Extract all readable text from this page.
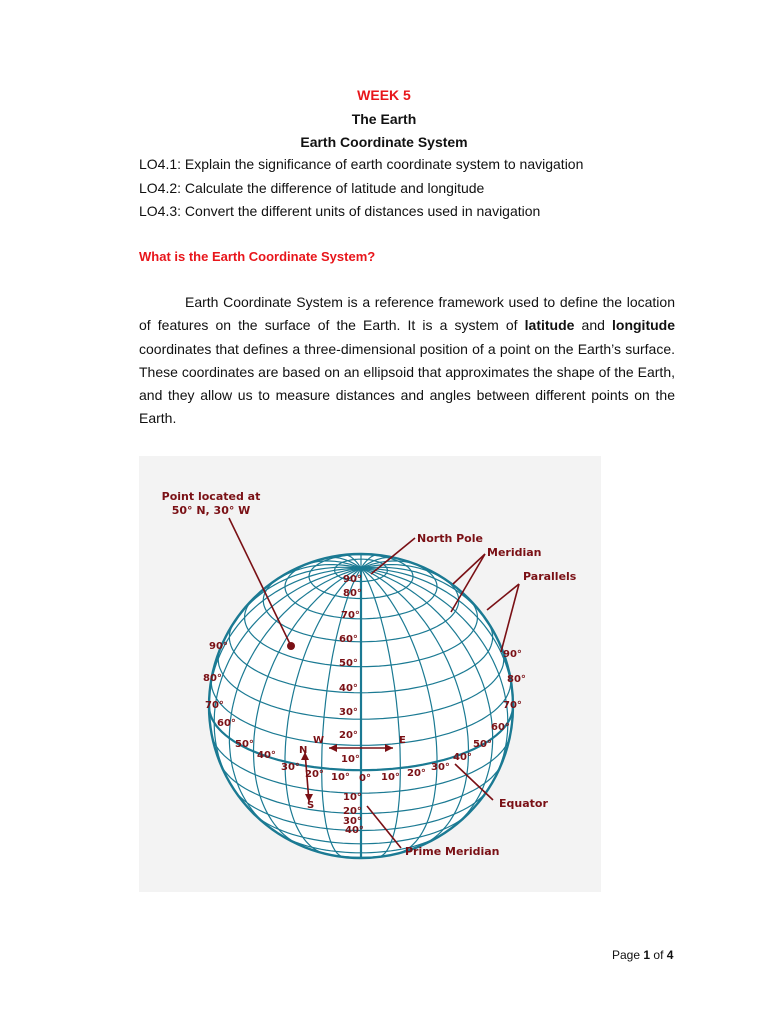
WEEK 5
The Earth
Earth Coordinate System
LO4.1: Explain the significance of earth coordinate system to navigation
LO4.2: Calculate the difference of latitude and longitude
LO4.3: Convert the different units of distances used in navigation
What is the Earth Coordinate System?

Earth Coordinate System is a reference framework used to define the location of features on the surface of the Earth. It is a system of latitude and longitude coordinates that defines a three-dimensional position of a point on the Earth’s surface. These coordinates are based on an ellipsoid that approximates the shape of the Earth, and they allow us to measure distances and angles between different points on the Earth.

Point located at
50° N, 30° W
North Pole
Meridian
Parallels
Equator
Prime Meridian
W	E
N
S
90°
80°
70°
60°
50°
40°
30°
20°
10°
10°
20°
30°
40°
20° 10° 0° 10° 20°
90°
80°
70°
60°
50°
40°
30°
90°
80°
70°
60°
50°
40°
30°
Page 1 of 4
